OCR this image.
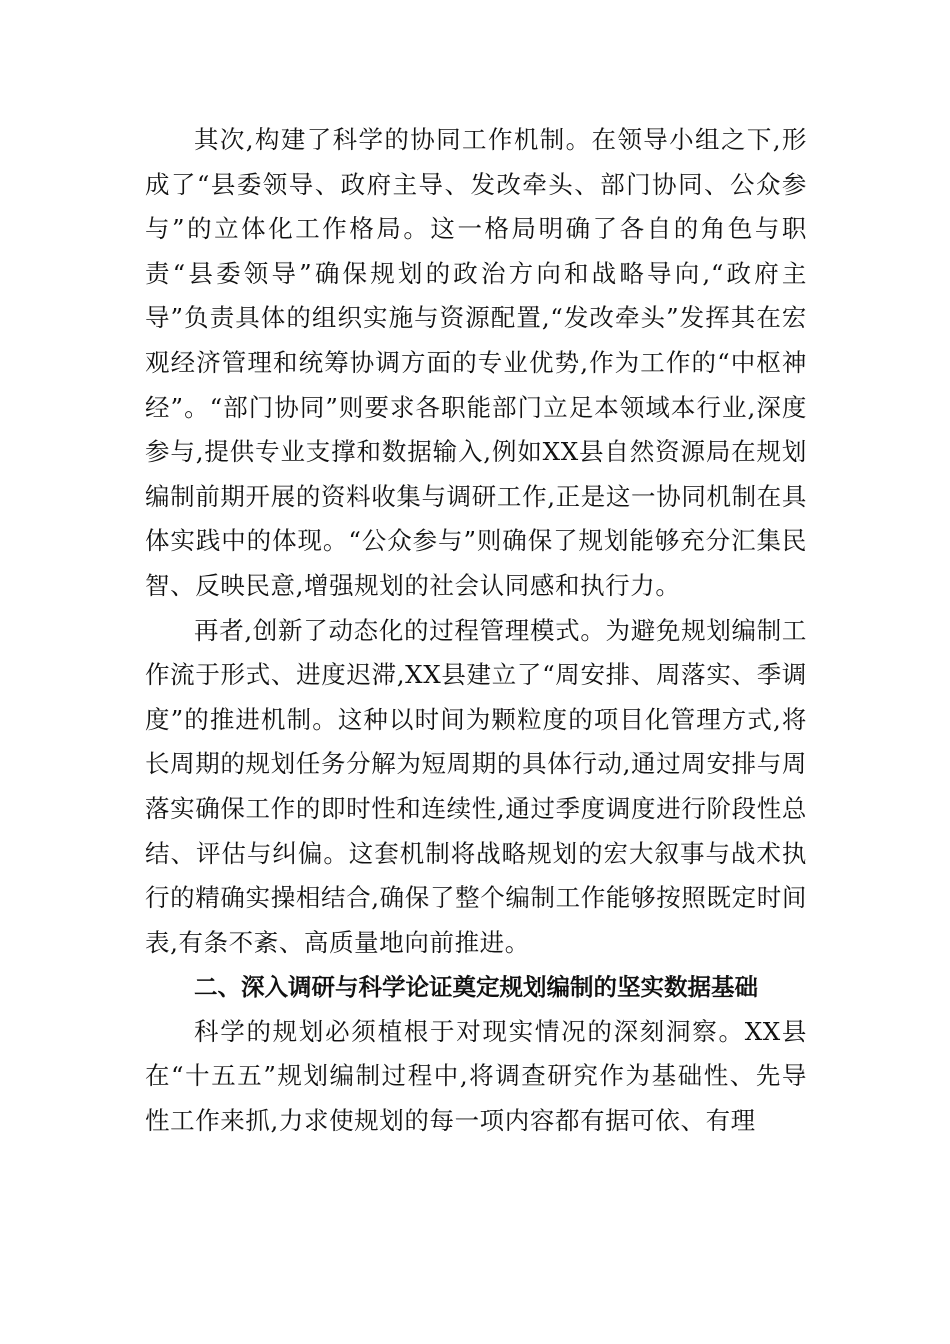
其次,构建了科学的协同工作机制。在领导小组之下,形成了“县委领导、政府主导、发改牵头、部门协同、公众参与”的立体化工作格局。这一格局明确了各自的角色与职责“县委领导”确保规划的政治方向和战略导向,“政府主导”负责具体的组织实施与资源配置,“发改牵头”发挥其在宏观经济管理和统筹协调方面的专业优势,作为工作的“中枢神经”。“部门协同”则要求各职能部门立足本领域本行业,深度参与,提供专业支撑和数据输入,例如XX县自然资源局在规划编制前期开展的资料收集与调研工作,正是这一协同机制在具体实践中的体现。“公众参与”则确保了规划能够充分汇集民智、反映民意,增强规划的社会认同感和执行力。

再者,创新了动态化的过程管理模式。为避免规划编制工作流于形式、进度迟滞,XX县建立了“周安排、周落实、季调度”的推进机制。这种以时间为颗粒度的项目化管理方式,将长周期的规划任务分解为短周期的具体行动,通过周安排与周落实确保工作的即时性和连续性,通过季度调度进行阶段性总结、评估与纠偏。这套机制将战略规划的宏大叙事与战术执行的精确实操相结合,确保了整个编制工作能够按照既定时间表,有条不紊、高质量地向前推进。

二、深入调研与科学论证奠定规划编制的坚实数据基础

科学的规划必须植根于对现实情况的深刻洞察。XX县在“十五五”规划编制过程中,将调查研究作为基础性、先导性工作来抓,力求使规划的每一项内容都有据可依、有理
